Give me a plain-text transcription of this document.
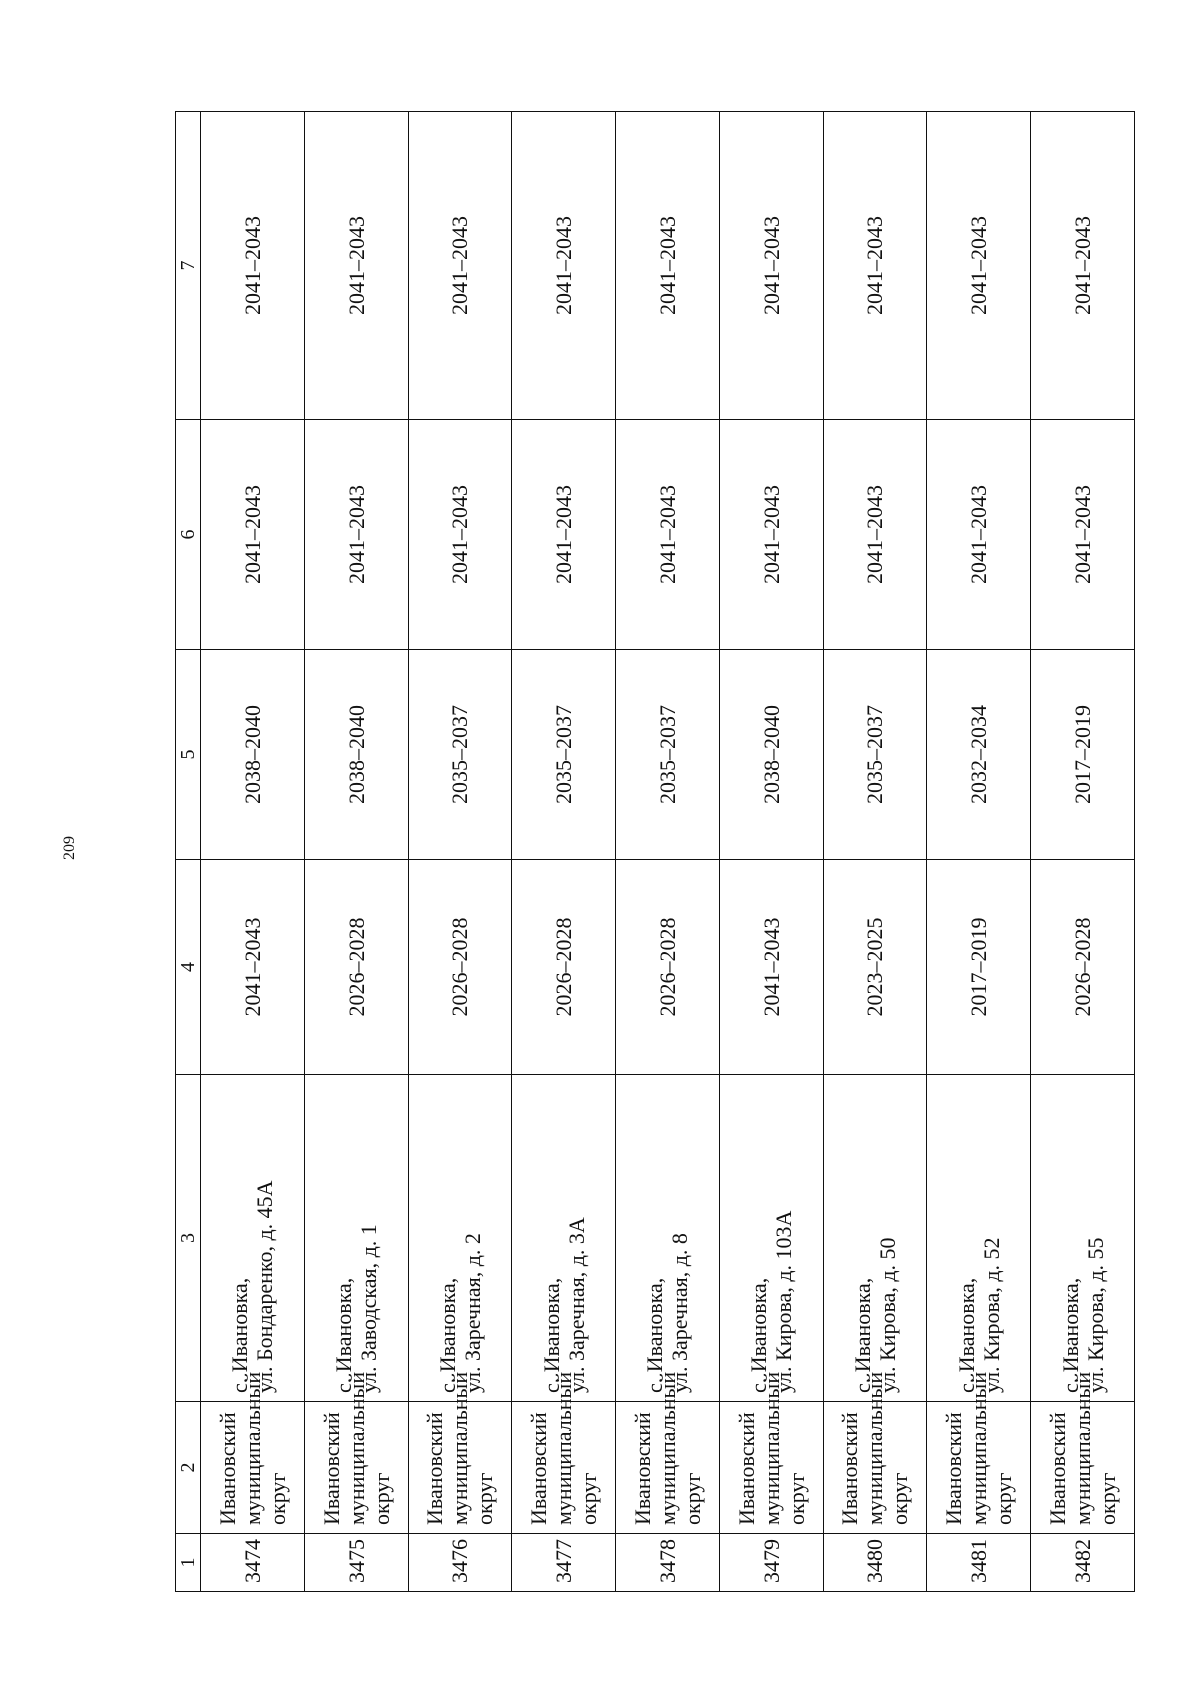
209
1	2	3	4	5	6	7
3474	Ивановский муниципальный округ	с. Ивановка, ул. Бондаренко, д. 45А	2041–2043	2038–2040	2041–2043	2041–2043
3475	Ивановский муниципальный округ	с. Ивановка, ул. Заводская, д. 1	2026–2028	2038–2040	2041–2043	2041–2043
3476	Ивановский муниципальный округ	с. Ивановка, ул. Заречная, д. 2	2026–2028	2035–2037	2041–2043	2041–2043
3477	Ивановский муниципальный округ	с. Ивановка, ул. Заречная, д. 3А	2026–2028	2035–2037	2041–2043	2041–2043
3478	Ивановский муниципальный округ	с. Ивановка, ул. Заречная, д. 8	2026–2028	2035–2037	2041–2043	2041–2043
3479	Ивановский муниципальный округ	с. Ивановка, ул. Кирова, д. 103А	2041–2043	2038–2040	2041–2043	2041–2043
3480	Ивановский муниципальный округ	с. Ивановка, ул. Кирова, д. 50	2023–2025	2035–2037	2041–2043	2041–2043
3481	Ивановский муниципальный округ	с. Ивановка, ул. Кирова, д. 52	2017–2019	2032–2034	2041–2043	2041–2043
3482	Ивановский муниципальный округ	с. Ивановка, ул. Кирова, д. 55	2026–2028	2017–2019	2041–2043	2041–2043
